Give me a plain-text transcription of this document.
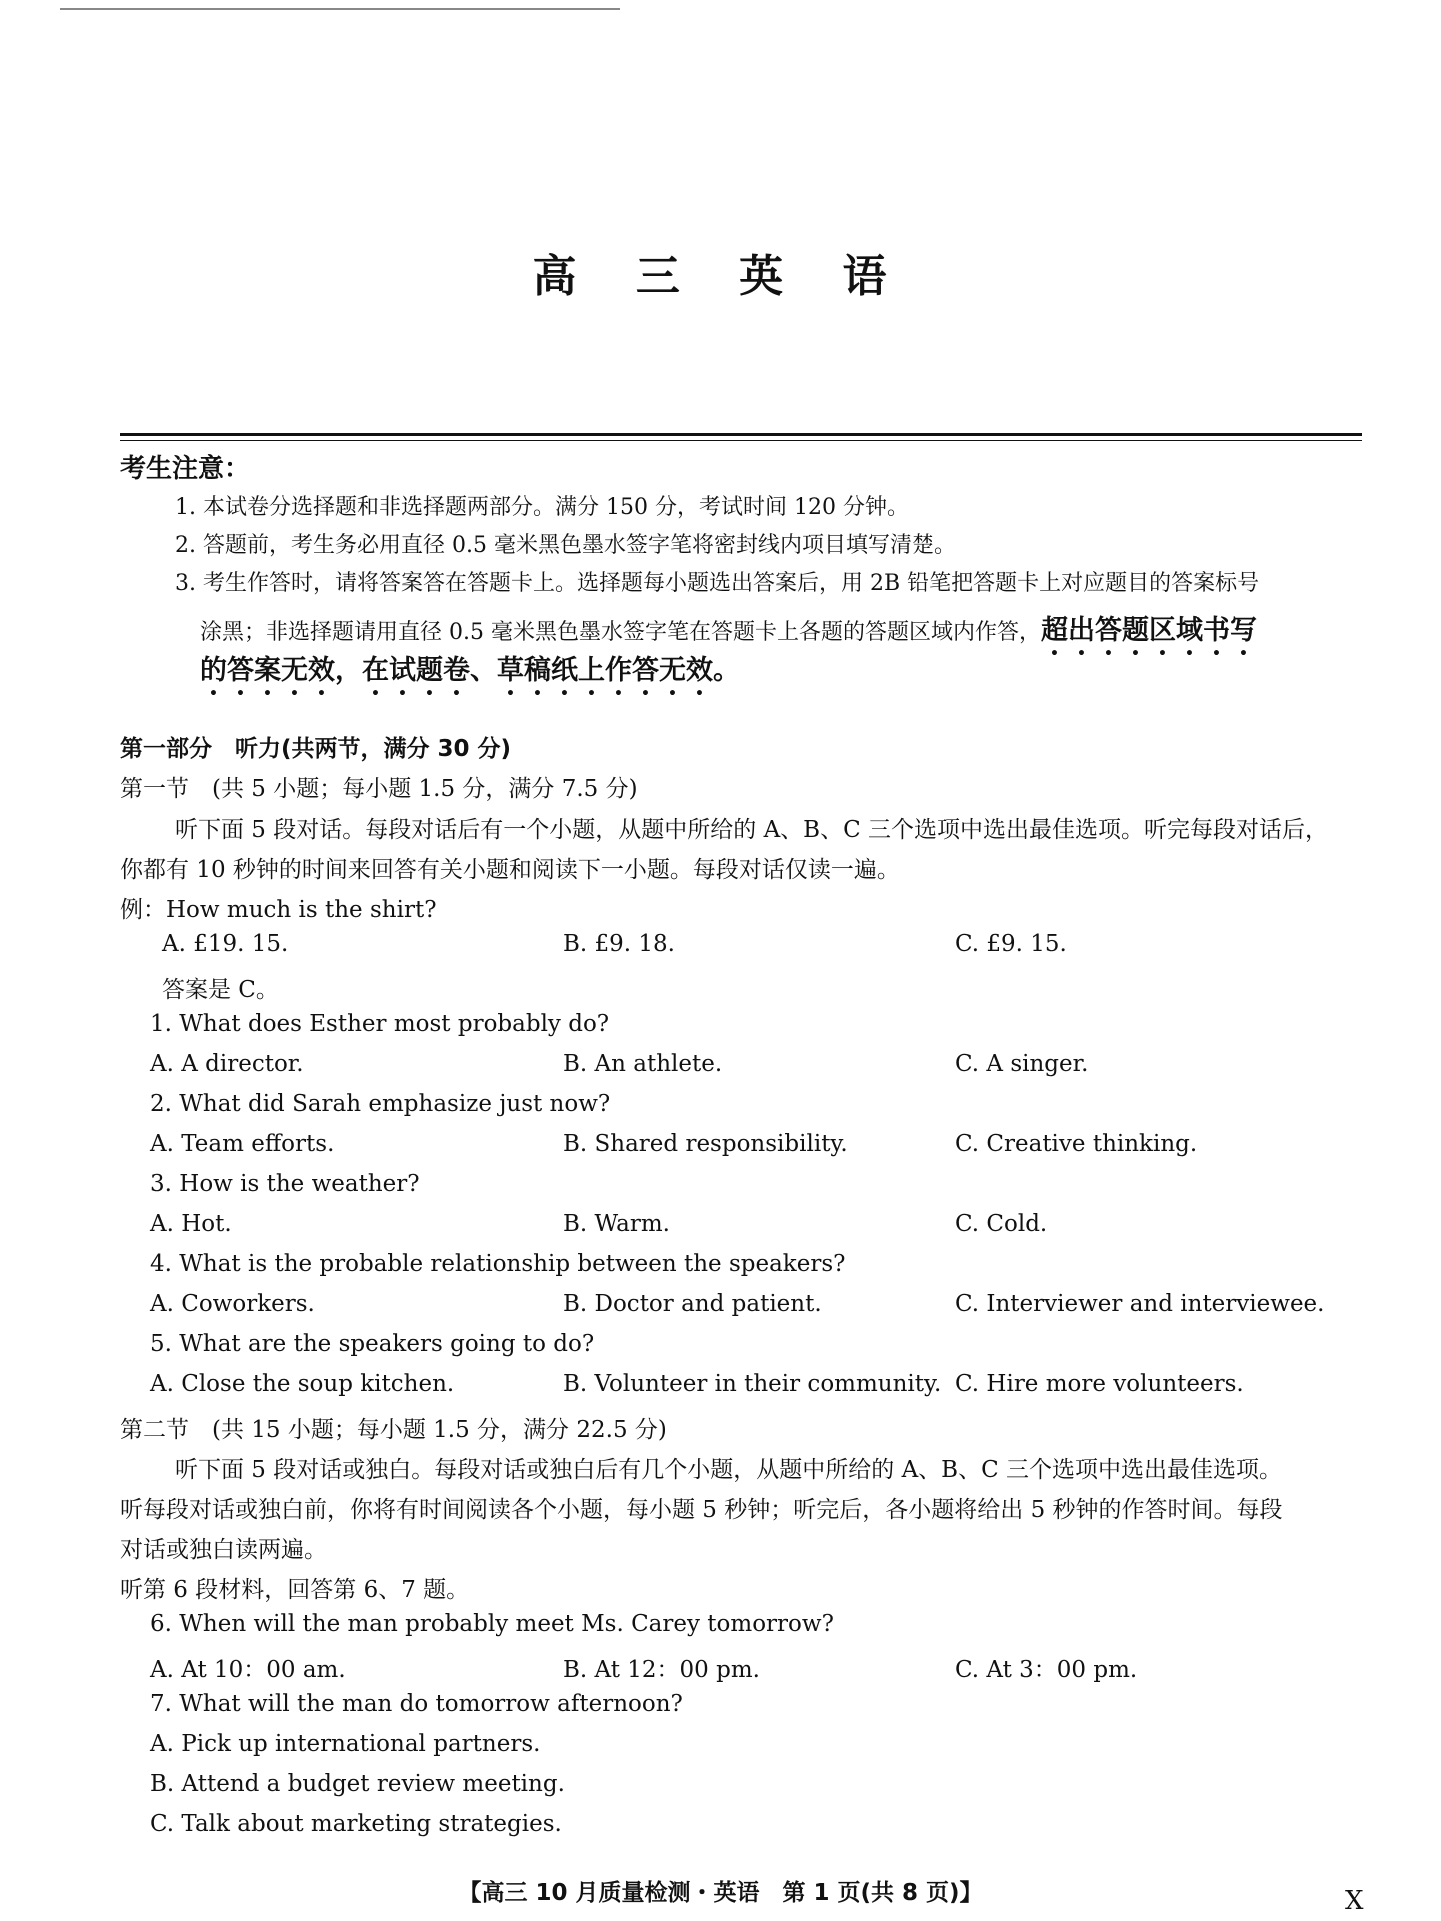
高 三 英 语
考生注意：
1. 本试卷分选择题和非选择题两部分。满分 150 分，考试时间 120 分钟。
2. 答题前，考生务必用直径 0.5 毫米黑色墨水签字笔将密封线内项目填写清楚。
3. 考生作答时，请将答案答在答题卡上。选择题每小题选出答案后，用 2B 铅笔把答题卡上对应题目的答案标号
涂黑；非选择题请用直径 0.5 毫米黑色墨水签字笔在答题卡上各题的答题区域内作答，超出答题区域书写
的答案无效，在试题卷、草稿纸上作答无效。
第一部分　听力(共两节，满分 30 分)
第一节　(共 5 小题；每小题 1.5 分，满分 7.5 分)
听下面 5 段对话。每段对话后有一个小题，从题中所给的 A、B、C 三个选项中选出最佳选项。听完每段对话后，
你都有 10 秒钟的时间来回答有关小题和阅读下一小题。每段对话仅读一遍。
例：How much is the shirt?
A. £19. 15.	B. £9. 18.	C. £9. 15.
答案是 C。
1. What does Esther most probably do?
A. A director.	B. An athlete.	C. A singer.
2. What did Sarah emphasize just now?
A. Team efforts.	B. Shared responsibility.	C. Creative thinking.
3. How is the weather?
A. Hot.	B. Warm.	C. Cold.
4. What is the probable relationship between the speakers?
A. Coworkers.	B. Doctor and patient.	C. Interviewer and interviewee.
5. What are the speakers going to do?
A. Close the soup kitchen.	B. Volunteer in their community. C. Hire more volunteers.
第二节　(共 15 小题；每小题 1.5 分，满分 22.5 分)
听下面 5 段对话或独白。每段对话或独白后有几个小题，从题中所给的 A、B、C 三个选项中选出最佳选项。
听每段对话或独白前，你将有时间阅读各个小题，每小题 5 秒钟；听完后，各小题将给出 5 秒钟的作答时间。每段
对话或独白读两遍。
听第 6 段材料，回答第 6、7 题。
6. When will the man probably meet Ms. Carey tomorrow?
A. At 10：00 am.	B. At 12：00 pm.	C. At 3：00 pm.
7. What will the man do tomorrow afternoon?
A. Pick up international partners.
B. Attend a budget review meeting.
C. Talk about marketing strategies.
【高三 10 月质量检测・英语　第 1 页(共 8 页)】	X
